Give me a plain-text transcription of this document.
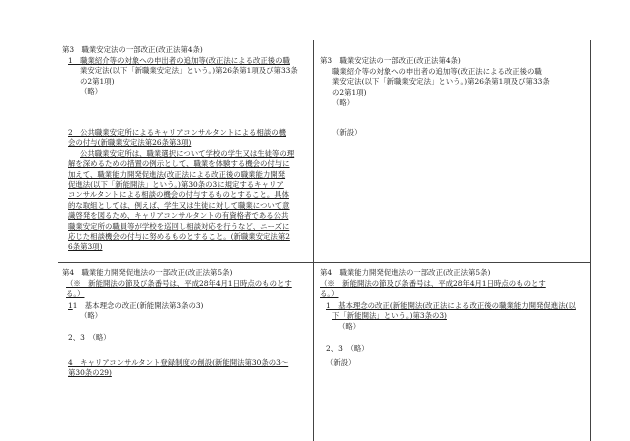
第3　職業安定法の一部改正(改正法第4条)
1　職業紹介等の対象への申出者の追加等(改正法による改正後の職
業安定法(以下「新職業安定法」という。)第26条第1項及び第33条
の2第1項)
（略）
2　公共職業安定所によるキャリアコンサルタントによる相談の機
会の付与(新職業安定法第26条第3項)
公共職業安定所は、職業選択について学校の学生又は生徒等の理
解を深めるための措置の例示として、職業を体験する機会の付与に
加えて、職業能力開発促進法(改正法による改正後の職業能力開発
促進法(以下「新能開法」という。)第30条の3に規定するキャリア
コンサルタントによる相談の機会の付与するものとすること。具体
的な取組としては、例えば、学生又は生徒に対して職業について意
識啓発を図るため、キャリアコンサルタントの有資格者である公共
職業安定所の職員等が学校を巡回し相談対応を行うなど、ニーズに
応じた相談機会の付与に努めるものとすること。(新職業安定法第2
6条第3項)
第4　職業能力開発促進法の一部改正(改正法第5条)
（※　新能開法の節及び条番号は、平成28年4月1日時点のものとす
る。）
11　基本理念の改正(新能開法第3条の3)
（略）
2、3　（略）
4　キャリアコンサルタント登録制度の創設(新能開法第30条の3〜
第30条の29)
第3　職業安定法の一部改正(改正法第4条)
職業紹介等の対象への申出者の追加等(改正法による改正後の職
業安定法(以下「新職業安定法」という。)第26条第1項及び第33条
の2第1項)
（略）
（新設）
第4　職業能力開発促進法の一部改正(改正法第5条)
（※　新能開法の節及び条番号は、平成28年4月1日時点のものとす
る。）
1　基本理念の改正(新能開法(改正法による改正後の職業能力開発促進法(以
下「新能開法」という。)第3条の3)
（略）
2、3　（略）
（新設）
